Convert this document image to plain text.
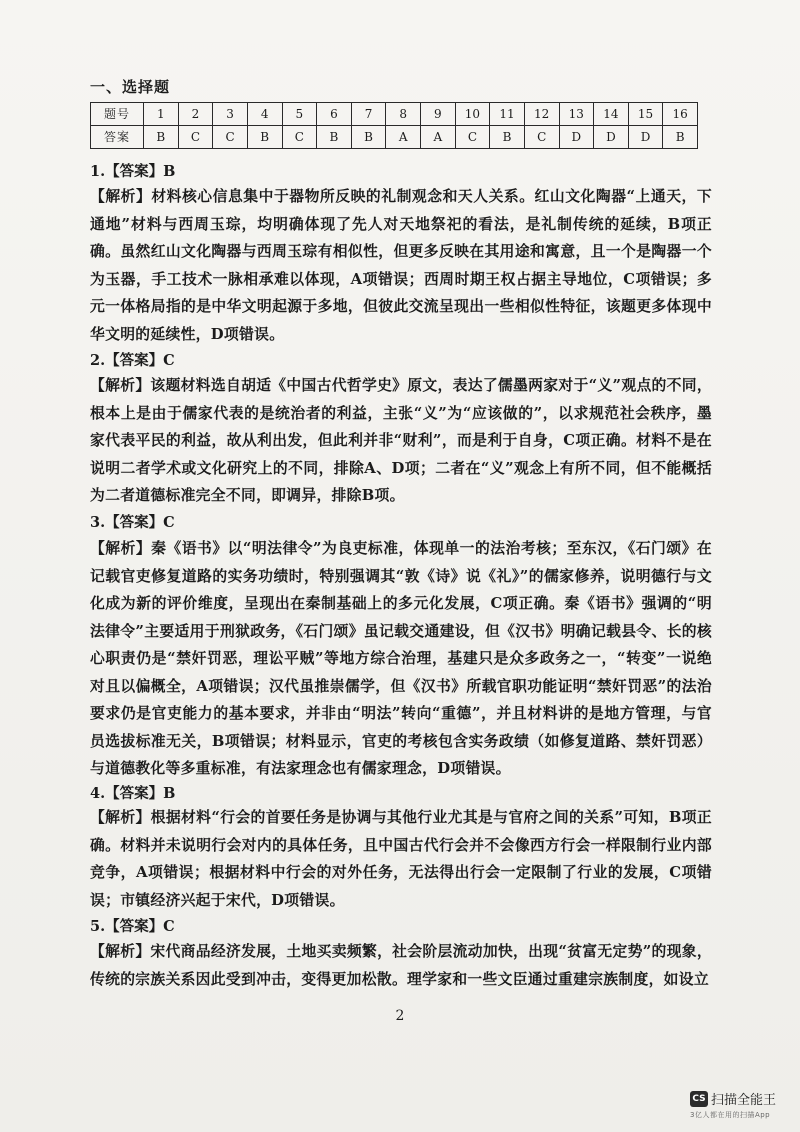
一、选择题
题号	1	2	3	4	5	6	7	8	9	10	11	12	13	14	15	16
答案	B	C	C	B	C	B	B	A	A	C	B	C	D	D	D	B
1.【答案】B
【解析】材料核心信息集中于器物所反映的礼制观念和天人关系。红山文化陶器“上通天，下通地”材料与西周玉琮，均明确体现了先人对天地祭祀的看法，是礼制传统的延续，B项正确。虽然红山文化陶器与西周玉琮有相似性，但更多反映在其用途和寓意，且一个是陶器一个为玉器，手工技术一脉相承难以体现，A项错误；西周时期王权占据主导地位，C项错误；多元一体格局指的是中华文明起源于多地，但彼此交流呈现出一些相似性特征，该题更多体现中华文明的延续性，D项错误。
2.【答案】C
【解析】该题材料选自胡适《中国古代哲学史》原文，表达了儒墨两家对于“义”观点的不同，根本上是由于儒家代表的是统治者的利益，主张“义”为“应该做的”，以求规范社会秩序，墨家代表平民的利益，故从利出发，但此利并非“财利”，而是利于自身，C项正确。材料不是在说明二者学术或文化研究上的不同，排除A、D项；二者在“义”观念上有所不同，但不能概括为二者道德标准完全不同，即调异，排除B项。
3.【答案】C
【解析】秦《语书》以“明法律令”为良吏标准，体现单一的法治考核；至东汉，《石门颂》在记载官吏修复道路的实务功绩时，特别强调其“敦《诗》说《礼》”的儒家修养，说明德行与文化成为新的评价维度，呈现出在秦制基础上的多元化发展，C项正确。秦《语书》强调的“明法律令”主要适用于刑狱政务，《石门颂》虽记载交通建设，但《汉书》明确记载县令、长的核心职责仍是“禁奸罚恶，理讼平贼”等地方综合治理，基建只是众多政务之一，“转变”一说绝对且以偏概全，A项错误；汉代虽推崇儒学，但《汉书》所载官职功能证明“禁奸罚恶”的法治要求仍是官吏能力的基本要求，并非由“明法”转向“重德”，并且材料讲的是地方管理，与官员选拔标准无关，B项错误；材料显示，官吏的考核包含实务政绩（如修复道路、禁奸罚恶）与道德教化等多重标准，有法家理念也有儒家理念，D项错误。
4.【答案】B
【解析】根据材料“行会的首要任务是协调与其他行业尤其是与官府之间的关系”可知，B项正确。材料并未说明行会对内的具体任务，且中国古代行会并不会像西方行会一样限制行业内部竞争，A项错误；根据材料中行会的对外任务，无法得出行会一定限制了行业的发展，C项错误；市镇经济兴起于宋代，D项错误。
5.【答案】C
【解析】宋代商品经济发展，土地买卖频繁，社会阶层流动加快，出现“贫富无定势”的现象，传统的宗族关系因此受到冲击，变得更加松散。理学家和一些文臣通过重建宗族制度，如设立
2
CS 扫描全能王
3亿人都在用的扫描App
